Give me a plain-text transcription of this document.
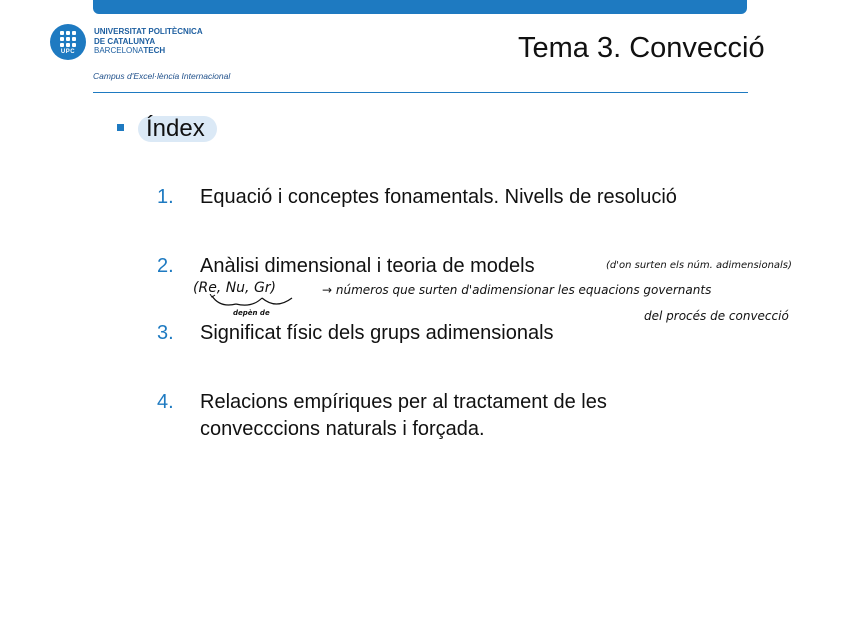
UPC
UNIVERSITAT POLITÈCNICA
DE CATALUNYA
BARCELONATECH
Campus d'Excel·lència Internacional
Tema 3. Convecció
Índex
1. Equació i conceptes fonamentals. Nivells de resolució
2. Anàlisi dimensional i teoria de models
3. Significat físic dels grups adimensionals
4. Relacions empíriques per al tractament de les convecccions naturals i forçada.
(d'on surten els núm. adimensionals)
(Re, Nu, Gr)
depèn de
→ números que surten d'adimensionar les equacions governants
del procés de convecció
